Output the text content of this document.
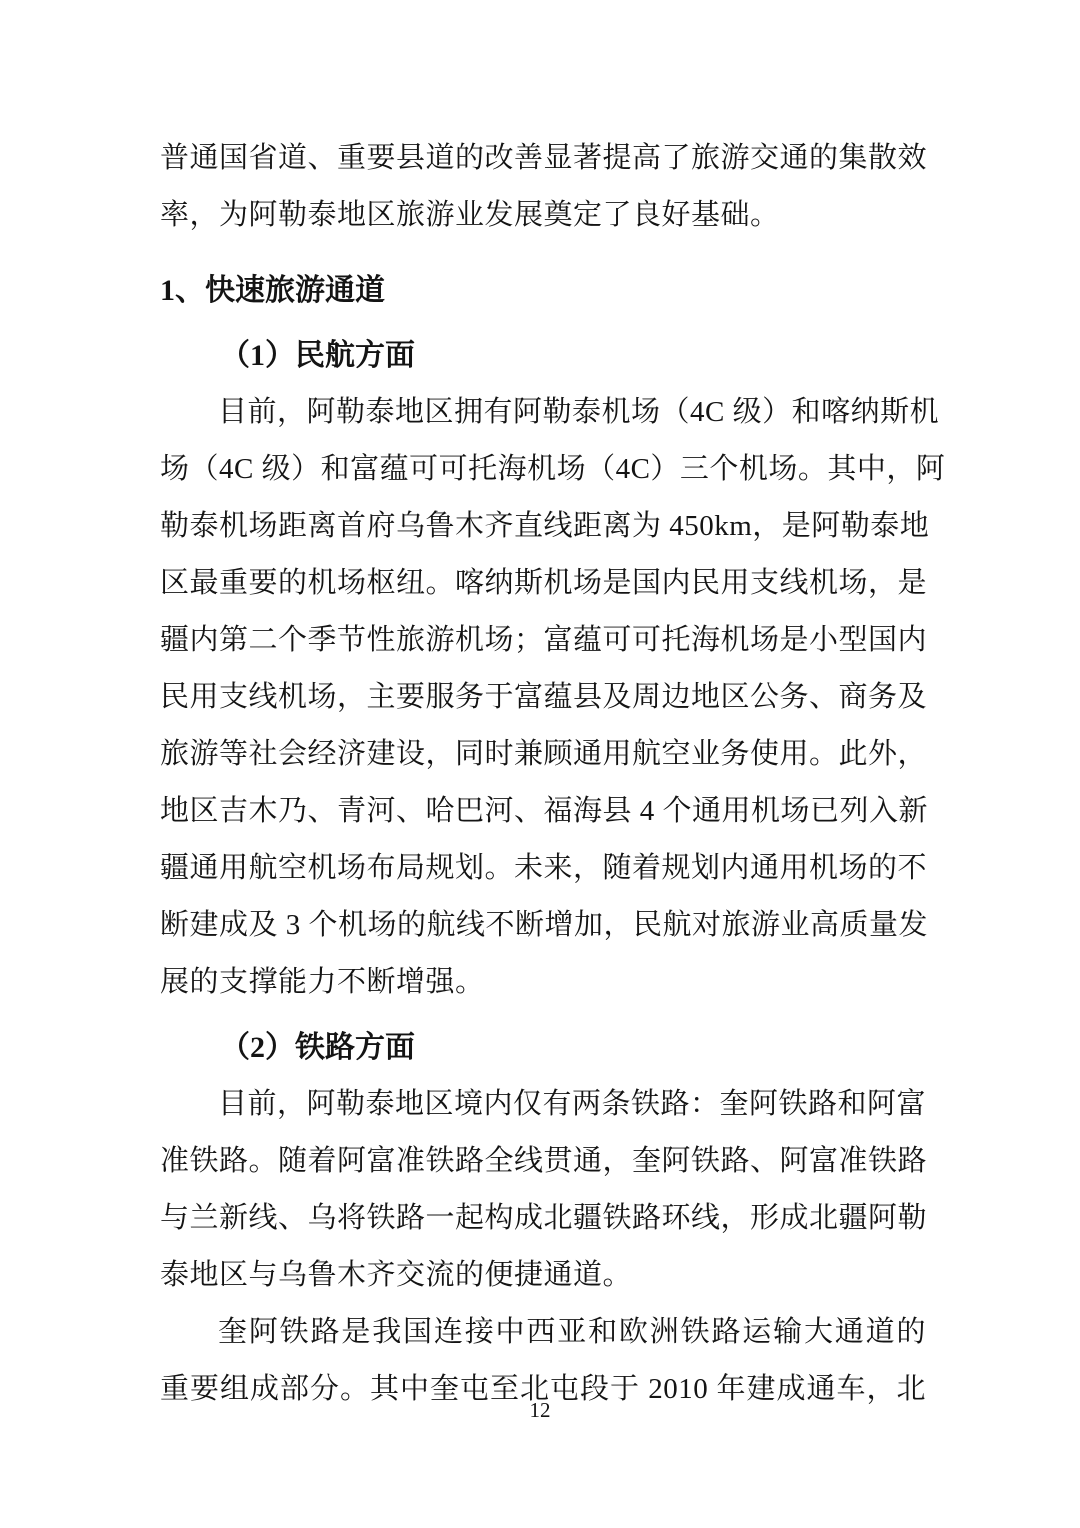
普通国省道、重要县道的改善显著提高了旅游交通的集散效
率，为阿勒泰地区旅游业发展奠定了良好基础。
1、快速旅游通道
（1）民航方面
目前，阿勒泰地区拥有阿勒泰机场（4C 级）和喀纳斯机
场（4C 级）和富蕴可可托海机场（4C）三个机场。其中，阿
勒泰机场距离首府乌鲁木齐直线距离为 450km，是阿勒泰地
区最重要的机场枢纽。喀纳斯机场是国内民用支线机场，是
疆内第二个季节性旅游机场；富蕴可可托海机场是小型国内
民用支线机场，主要服务于富蕴县及周边地区公务、商务及
旅游等社会经济建设，同时兼顾通用航空业务使用。此外，
地区吉木乃、青河、哈巴河、福海县 4 个通用机场已列入新
疆通用航空机场布局规划。未来，随着规划内通用机场的不
断建成及 3 个机场的航线不断增加，民航对旅游业高质量发
展的支撑能力不断增强。
（2）铁路方面
目前，阿勒泰地区境内仅有两条铁路：奎阿铁路和阿富
准铁路。随着阿富准铁路全线贯通，奎阿铁路、阿富准铁路
与兰新线、乌将铁路一起构成北疆铁路环线，形成北疆阿勒
泰地区与乌鲁木齐交流的便捷通道。
奎阿铁路是我国连接中西亚和欧洲铁路运输大通道的
重要组成部分。其中奎屯至北屯段于 2010 年建成通车，北
12
